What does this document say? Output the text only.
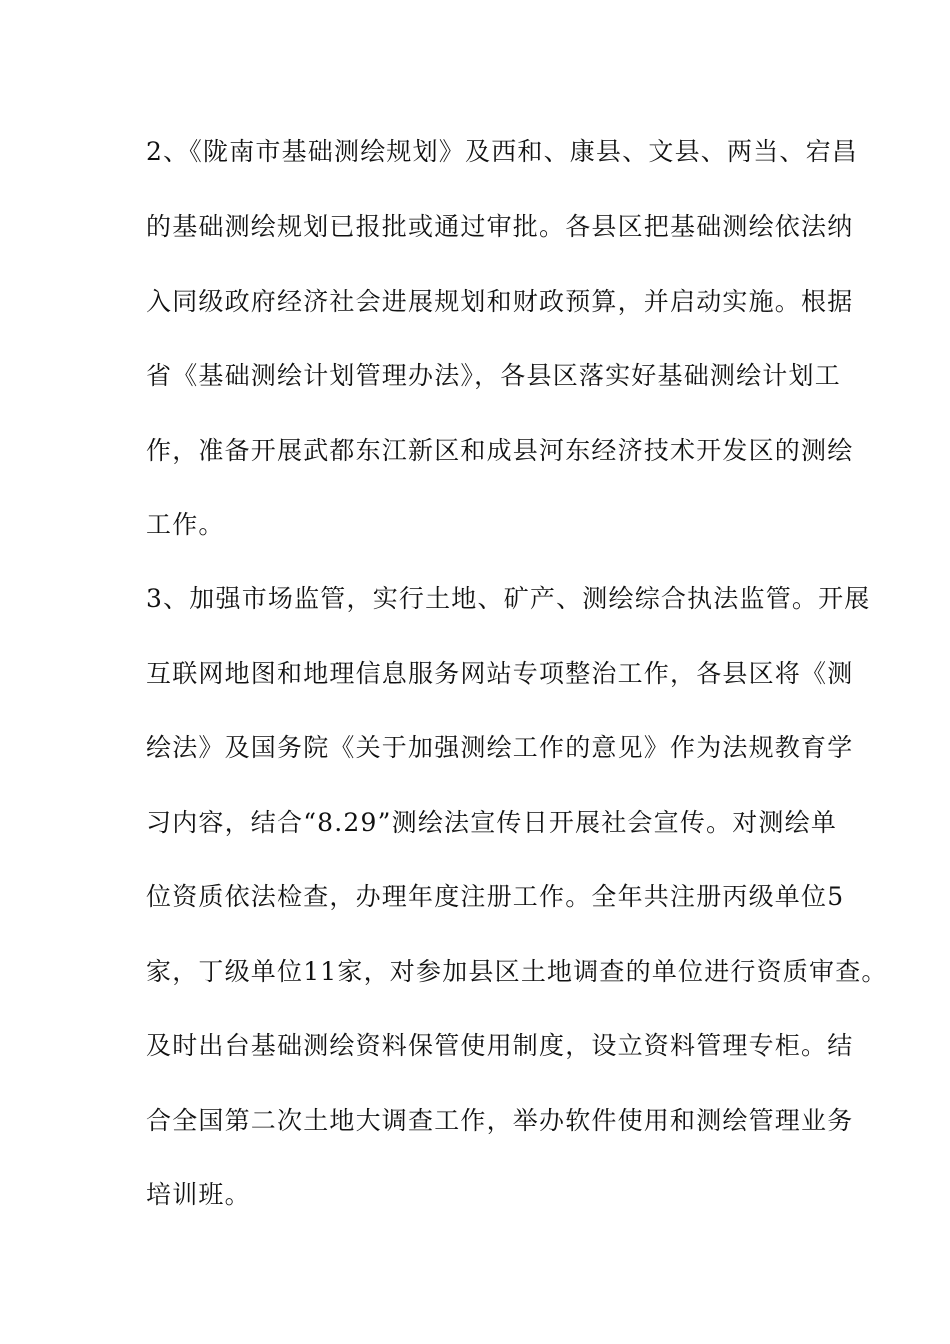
2、《陇南市基础测绘规划》及西和、康县、文县、两当、宕昌
的基础测绘规划已报批或通过审批。各县区把基础测绘依法纳
入同级政府经济社会进展规划和财政预算，并启动实施。根据
省《基础测绘计划管理办法》，各县区落实好基础测绘计划工
作，准备开展武都东江新区和成县河东经济技术开发区的测绘
工作。
3、加强市场监管，实行土地、矿产、测绘综合执法监管。开展
互联网地图和地理信息服务网站专项整治工作，各县区将《测
绘法》及国务院《关于加强测绘工作的意见》作为法规教育学
习内容，结合“8.29”测绘法宣传日开展社会宣传。对测绘单
位资质依法检查，办理年度注册工作。全年共注册丙级单位5
家，丁级单位11家，对参加县区土地调查的单位进行资质审查。
及时出台基础测绘资料保管使用制度，设立资料管理专柜。结
合全国第二次土地大调查工作，举办软件使用和测绘管理业务
培训班。
